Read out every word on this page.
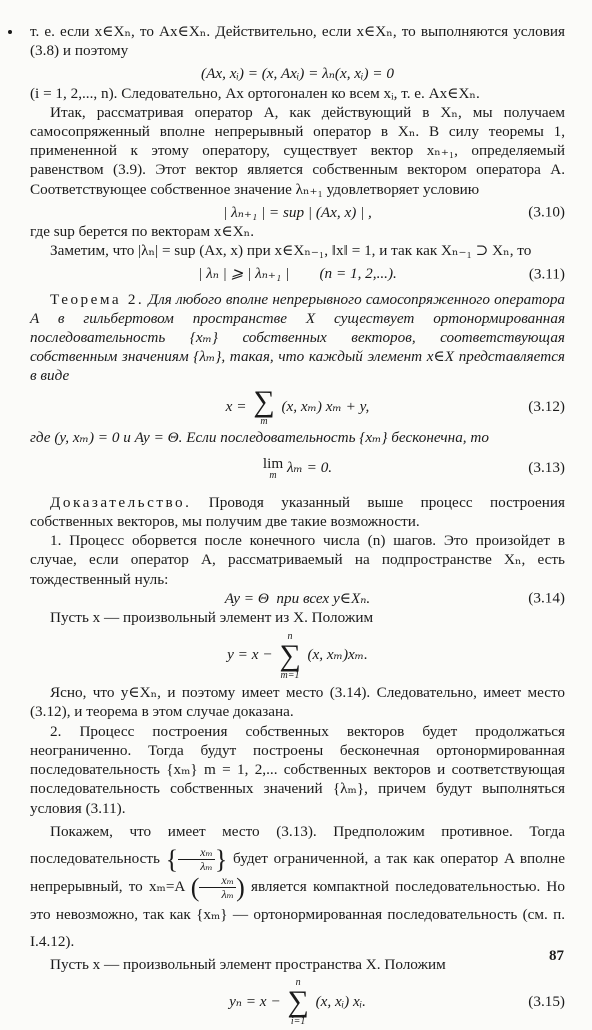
т. е. если x∈Xₙ, то Ax∈Xₙ. Действительно, если x∈Xₙ, то выполняются условия (3.8) и поэтому

(Ax, xᵢ) = (x, Axᵢ) = λₙ(x, xᵢ) = 0

(i = 1, 2,..., n). Следовательно, Ax ортогонален ко всем xᵢ, т. е. Ax∈Xₙ.

Итак, рассматривая оператор A, как действующий в Xₙ, мы получаем самосопряженный вполне непрерывный оператор в Xₙ. В силу теоремы 1, примененной к этому оператору, существует вектор xₙ₊₁, определяемый равенством (3.9). Этот вектор является собственным вектором оператора A. Соответствующее собственное значение λₙ₊₁ удовлетворяет условию

| λₙ₊₁ | = sup | (Ax, x) | ,	(3.10)

где sup берется по векторам x∈Xₙ.

Заметим, что |λₙ| = sup (Ax, x) при x∈Xₙ₋₁, ‖x‖ = 1, и так как Xₙ₋₁ ⊃ Xₙ, то

| λₙ | ⩾ | λₙ₊₁ |        (n = 1, 2,...).	(3.11)

Теорема 2. Для любого вполне непрерывного самосопряженного оператора A в гильбертовом пространстве X существует ортонормированная последовательность {xₘ} собственных векторов, соответствующая собственным значениям {λₘ}, такая, что каждый элемент x∈X представляется в виде

x = ∑
m
(x, xₘ) xₘ + y,	(3.12)

где (y, xₘ) = 0 и Ay = Θ. Если последовательность {xₘ} бесконечна, то

lim
m λₘ = 0.	(3.13)

Доказательство. Проводя указанный выше процесс построения собственных векторов, мы получим две такие возможности.

1. Процесс оборвется после конечного числа (n) шагов. Это произойдет в случае, если оператор A, рассматриваемый на подпространстве Xₙ, есть тождественный нуль:

Ay = Θ  при всех y∈Xₙ.	(3.14)

Пусть x — произвольный элемент из X. Положим

y = x −
n
∑
m=1
(x, xₘ)xₘ.

Ясно, что y∈Xₙ, и поэтому имеет место (3.14). Следовательно, имеет место (3.12), и теорема в этом случае доказана.

2. Процесс построения собственных векторов будет продолжаться неограниченно. Тогда будут построены бесконечная ортонормированная последовательность {xₘ} m = 1, 2,... собственных векторов и соответствующая последовательность собственных значений {λₘ}, причем будут выполняться условия (3.11).

Покажем, что имеет место (3.13). Предположим противное. Тогда последовательность { $\frac{\text{xₘ}}{\text{λₘ}}$ } будет ограниченной, а так как оператор A вполне непрерывный, то xₘ=A ( $\frac{\text{xₘ}}{\text{λₘ}}$ ) является компактной последовательностью. Но это невозможно, так как {xₘ} — ортонормированная последовательность (см. п. I.4.12).

Пусть x — произвольный элемент пространства X. Положим

yₙ = x −
n
∑
i=1
(x, xᵢ) xᵢ.	(3.15)
87
